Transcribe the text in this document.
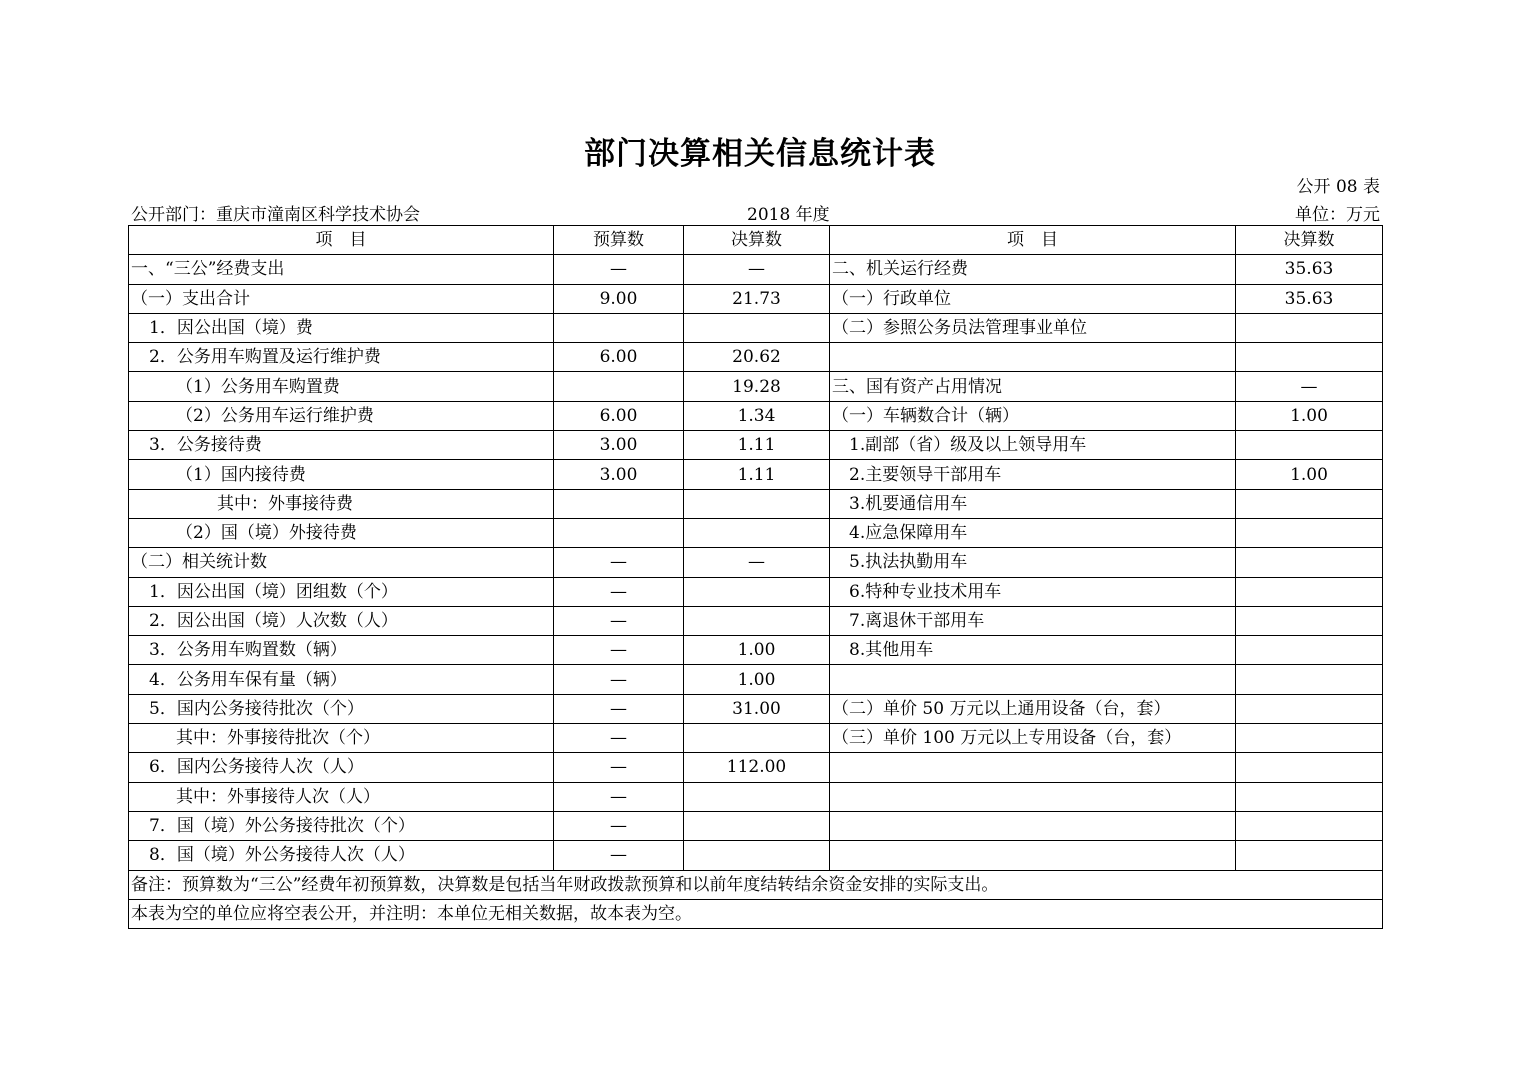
部门决算相关信息统计表
公开 08 表
公开部门：重庆市潼南区科学技术协会	2018 年度	单位：万元
项　目	预算数	决算数	项　目	决算数
一、“三公”经费支出	—	—	二、机关运行经费	35.63
（一）支出合计	9.00	21.73	（一）行政单位	35.63
1．因公出国（境）费			（二）参照公务员法管理事业单位	
2．公务用车购置及运行维护费	6.00	20.62		
（1）公务用车购置费		19.28	三、国有资产占用情况	—
（2）公务用车运行维护费	6.00	1.34	（一）车辆数合计（辆）	1.00
3．公务接待费	3.00	1.11	1.副部（省）级及以上领导用车	
（1）国内接待费	3.00	1.11	2.主要领导干部用车	1.00
其中：外事接待费			3.机要通信用车	
（2）国（境）外接待费			4.应急保障用车	
（二）相关统计数	—	—	5.执法执勤用车	
1．因公出国（境）团组数（个）	—		6.特种专业技术用车	
2．因公出国（境）人次数（人）	—		7.离退休干部用车	
3．公务用车购置数（辆）	—	1.00	8.其他用车	
4．公务用车保有量（辆）	—	1.00		
5．国内公务接待批次（个）	—	31.00	（二）单价 50 万元以上通用设备（台，套）	
其中：外事接待批次（个）	—		（三）单价 100 万元以上专用设备（台，套）	
6．国内公务接待人次（人）	—	112.00		
其中：外事接待人次（人）	—			
7．国（境）外公务接待批次（个）	—			
8．国（境）外公务接待人次（人）	—			
备注：预算数为“三公”经费年初预算数，决算数是包括当年财政拨款预算和以前年度结转结余资金安排的实际支出。				
本表为空的单位应将空表公开，并注明：本单位无相关数据，故本表为空。				
